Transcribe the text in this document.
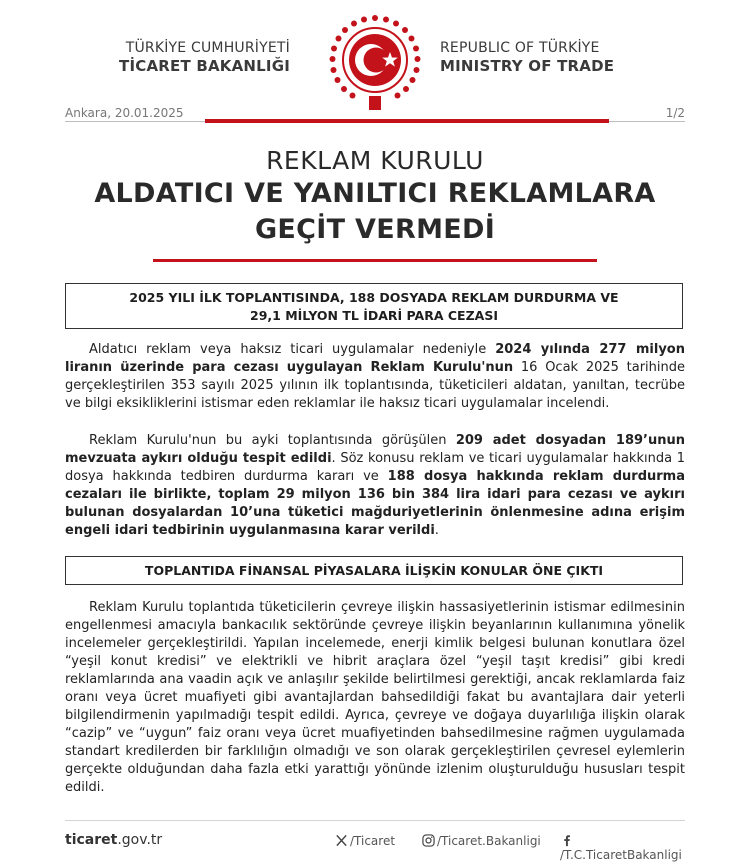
TÜRKİYE CUMHURİYETİ
TİCARET BAKANLIĞI
REPUBLIC OF TÜRKİYE
MINISTRY OF TRADE
Ankara, 20.01.2025	1/2
REKLAM KURULU
ALDATICI VE YANILTICI REKLAMLARA
GEÇİT VERMEDİ
2025 YILI İLK TOPLANTISINDA, 188 DOSYADA REKLAM DURDURMA VE
29,1 MİLYON TL İDARİ PARA CEZASI

Aldatıcı reklam veya haksız ticari uygulamalar nedeniyle 2024 yılında 277 milyon liranın üzerinde para cezası uygulayan Reklam Kurulu'nun 16 Ocak 2025 tarihinde gerçekleştirilen 353 sayılı 2025 yılının ilk toplantısında, tüketicileri aldatan, yanıltan, tecrübe ve bilgi eksikliklerini istismar eden reklamlar ile haksız ticari uygulamalar incelendi.

Reklam Kurulu'nun bu ayki toplantısında görüşülen 209 adet dosyadan 189’unun mevzuata aykırı olduğu tespit edildi. Söz konusu reklam ve ticari uygulamalar hakkında 1 dosya hakkında tedbiren durdurma kararı ve 188 dosya hakkında reklam durdurma cezaları ile birlikte, toplam 29 milyon 136 bin 384 lira idari para cezası ve aykırı bulunan dosyalardan 10’una tüketici mağduriyetlerinin önlenmesine adına erişim engeli idari tedbirinin uygulanmasına karar verildi.

TOPLANTIDA FİNANSAL PİYASALARA İLİŞKİN KONULAR ÖNE ÇIKTI

Reklam Kurulu toplantıda tüketicilerin çevreye ilişkin hassasiyetlerinin istismar edilmesinin engellenmesi amacıyla bankacılık sektöründe çevreye ilişkin beyanlarının kullanımına yönelik incelemeler gerçekleştirildi. Yapılan incelemede, enerji kimlik belgesi bulunan konutlara özel “yeşil konut kredisi” ve elektrikli ve hibrit araçlara özel “yeşil taşıt kredisi” gibi kredi reklamlarında ana vaadin açık ve anlaşılır şekilde belirtilmesi gerektiği, ancak reklamlarda faiz oranı veya ücret muafiyeti gibi avantajlardan bahsedildiği fakat bu avantajlara dair yeterli bilgilendirmenin yapılmadığı tespit edildi. Ayrıca, çevreye ve doğaya duyarlılığa ilişkin olarak “cazip” ve “uygun” faiz oranı veya ücret muafiyetinden bahsedilmesine rağmen uygulamada standart kredilerden bir farklılığın olmadığı ve son olarak gerçekleştirilen çevresel eylemlerin gerçekte olduğundan daha fazla etki yarattığı yönünde izlenim oluşturulduğu hususları tespit edildi.

ticaret.gov.tr	/Ticaret	/Ticaret.Bakanligi
/T.C.TicaretBakanligi
